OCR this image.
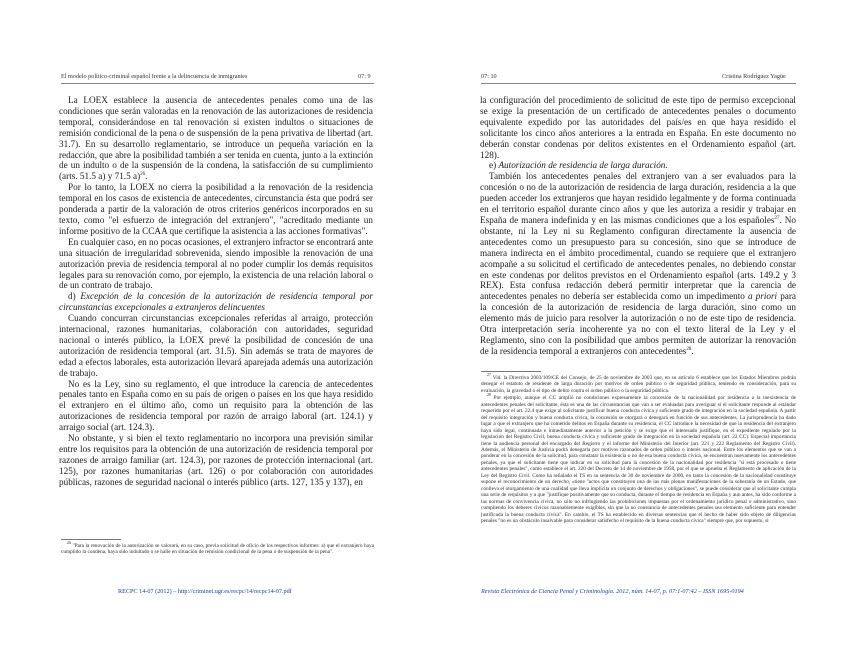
El modelo político-criminal español frente a la delincuencia de inmigrantes	07: 9

La LOEX establece la ausencia de antecedentes penales como una de las condiciones que serán valoradas en la renovación de las autorizaciones de residencia temporal, considerándose en tal renovación si existen indultos o situaciones de remisión condicional de la pena o de suspensión de la pena privativa de libertad (art. 31.7). En su desarrollo reglamentario, se introduce un pequeña variación en la redacción, que abre la posibilidad también a ser tenida en cuenta, junto a la extinción de un indulto o de la suspensión de la condena, la satisfacción de su cumplimiento (arts. 51.5 a) y 71.5 a)$^{26}$.

Por lo tanto, la LOEX no cierra la posibilidad a la renovación de la residencia temporal en los casos de existencia de antecedentes, circunstancia ésta que podrá ser ponderada a partir de la valoración de otros criterios genéricos incorporados en su texto, como "el esfuerzo de integración del extranjero", "acreditado mediante un informe positivo de la CCAA que certifique la asistencia a las acciones formativas".

En cualquier caso, en no pocas ocasiones, el extranjero infractor se encontrará ante una situación de irregularidad sobrevenida, siendo imposible la renovación de una autorización previa de residencia temporal al no poder cumplir los demás requisitos legales para su renovación como, por ejemplo, la existencia de una relación laboral o de un contrato de trabajo.

d) Excepción de la concesión de la autorización de residencia temporal por circunstancias excepcionales a extranjeros delincuentes

Cuando concurran circunstancias excepcionales referidas al arraigo, protección internacional, razones humanitarias, colaboración con autoridades, seguridad nacional o interés público, la LOEX prevé la posibilidad de concesión de una autorización de residencia temporal (art. 31.5). Sin además se trata de mayores de edad a efectos laborales, esta autorización llevará aparejada además una autorización de trabajo.

No es la Ley, sino su reglamento, el que introduce la carencia de antecedentes penales tanto en España como en su país de origen o países en los que haya residido el extranjero en el último año, como un requisito para la obtención de las autorizaciones de residencia temporal por razón de arraigo laboral (art. 124.1) y arraigo social (art. 124.3).

No obstante, y si bien el texto reglamentario no incorpora una previsión similar entre los requisitos para la obtención de una autorización de residencia temporal por razones de arraigo familiar (art. 124.3), por razones de protección internacional (art. 125), por razones humanitarias (art. 126) o por colaboración con autoridades públicas, razones de seguridad nacional o interés público (arts. 127, 135 y 137), en

$^{26}$ "Para la renovación de la autorización se valorará, en su caso, previa solicitud de oficio de los respectivos informes: a) que el extranjero haya cumplido la condena, haya sido indultado o se halle en situación de remisión condicional de la pena o de suspensión de la pena".

RECPC 14-07 (2012) – http://criminet.ugr.es/recpc/14/recpc14-07.pdf
07: 10	Cristina Rodríguez Yagüe

la configuración del procedimiento de solicitud de este tipo de permiso excepcional se exige la presentación de un certificado de antecedentes penales o documento equivalente expedido por las autoridades del país/es en que haya residido el solicitante los cinco años anteriores a la entrada en España. En este documento no deberán constar condenas por delitos existentes en el Ordenamiento español (art. 128).

e) Autorización de residencia de larga duración.

También los antecedentes penales del extranjero van a ser evaluados para la concesión o no de la autorización de residencia de larga duración, residencia a la que pueden acceder los extranjeros que hayan residido legalmente y de forma continuada en el territorio español durante cinco años y que les autoriza a residir y trabajar en España de manera indefinida y en las mismas condiciones que a los españoles$^{27}$. No obstante, ni la Ley ni su Reglamento configuran directamente la ausencia de antecedentes como un presupuesto para su concesión, sino que se introduce de manera indirecta en el ámbito procedimental, cuando se requiere que el extranjero acompañe a su solicitud el certificado de antecedentes penales, no debiendo constar en este condenas por delitos previstos en el Ordenamiento español (arts. 149.2 y 3 REX). Esta confusa redacción deberá permitir interpretar que la carencia de antecedentes penales no debería ser establecida como un impedimento a priori para la concesión de la autorización de residencia de larga duración, sino como un elemento más de juicio para resolver la autorización o no de este tipo de residencia. Otra interpretación sería incoherente ya no con el texto literal de la Ley y el Reglamento, sino con la posibilidad que ambos permiten de autorizar la renovación de la residencia temporal a extranjeros con antecedentes$^{28}$.

$^{27}$ Vid. la Directiva 2003/109/CE del Consejo, de 25 de noviembre de 2003 que, en su artículo 6 establece que los Estados Miembros podrán denegar el estatuto de residente de larga duración por motivos de orden público o de seguridad pública, teniendo en consideración, para su evaluación, la gravedad o el tipo de delito contra el orden público o la seguridad pública.

$^{28}$ Por ejemplo, aunque el CC amplió no condiciones expresamente la concesión de la nacionalidad por residencia a la inexistencia de antecedentes penales del solicitante, ésta es una de las circunstancias que van a ser evaluadas para averiguar si el solicitante responde al estándar requerido por el art. 22.4 que exige al solicitante justificar buena conducta cívica y suficiente grado de integración en la sociedad española. A partir del requisito integración y buena conducta cívica, la concesión se otorgará o denegará en función de sus antecedentes. La jurisprudencia ha dado lugar a que el extranjero que ha cometido delitos en España durante su residencia, el CC introduce la necesidad de que la residencia del extranjero haya sido legal, continuada e inmediatamente anterior a la petición y se exige que el interesado justifique, en el expediente regulado por la legislación del Registro Civil, buena conducta cívica y suficiente grado de integración en la sociedad española (art. 22 CC). Especial importancia tiene la audiencia personal del encargado del Registro y el informe del Ministerio del Interior (art. 221 y 222 Reglamento del Registro Civil). Además, el Ministerio de Justicia podrá denegarla por motivos razonados de orden público o interés nacional. Entre los elementos que se van a ponderar en la concesión de la solicitud, para constatar la existencia o no de esa buena conducta cívica, se encuentran nuevamente los antecedentes penales, ya que el solicitante tiene que indicar en su solicitud para la concesión de la nacionalidad por residencia "si está procesado o tiene antecedentes penales", como establece el art. 220 del Decreto de 14 de noviembre de 1958, por el que se aprueba el Reglamento de aplicación de la Ley del Registro Civil. Como ha señalado el TS en su sentencia de 30 de noviembre de 2000, en tanto la concesión de la nacionalidad constituye supone el reconocimiento de un derecho, «tiene "actos que constituyen una de las más plenas manifestaciones de la soberanía de un Estado, que conlleva el otorgamiento de una cualidad que lleva implícita un conjunto de derechos y obligaciones", se puede considerar que al solicitante cumpla una serie de requisitos y a que "justifique positivamente que su conducta, durante el tiempo de residencia en España y aun antes, ha sido conforme a las normas de convivencia cívica, no sólo no infringiendo las prohibiciones impuestas por el ordenamiento jurídico penal o administrativo, sino cumpliendo los deberes cívicos razonablemente exigibles, sin que la no constancia de antecedentes penales sea elemento suficiente para entender justificada la buena conducta cívica". En cambio, el TS ha establecido en diversas sentencias que el hecho de haber sido objeto de diligencias penales "no es un obstáculo insalvable para considerar satisfecho el requisito de la buena conducta cívica" siempre que, por supuesto, si

Revista Electrónica de Ciencia Penal y Criminología. 2012, núm. 14-07, p. 07:1-07:42 – ISSN 1695-0194
